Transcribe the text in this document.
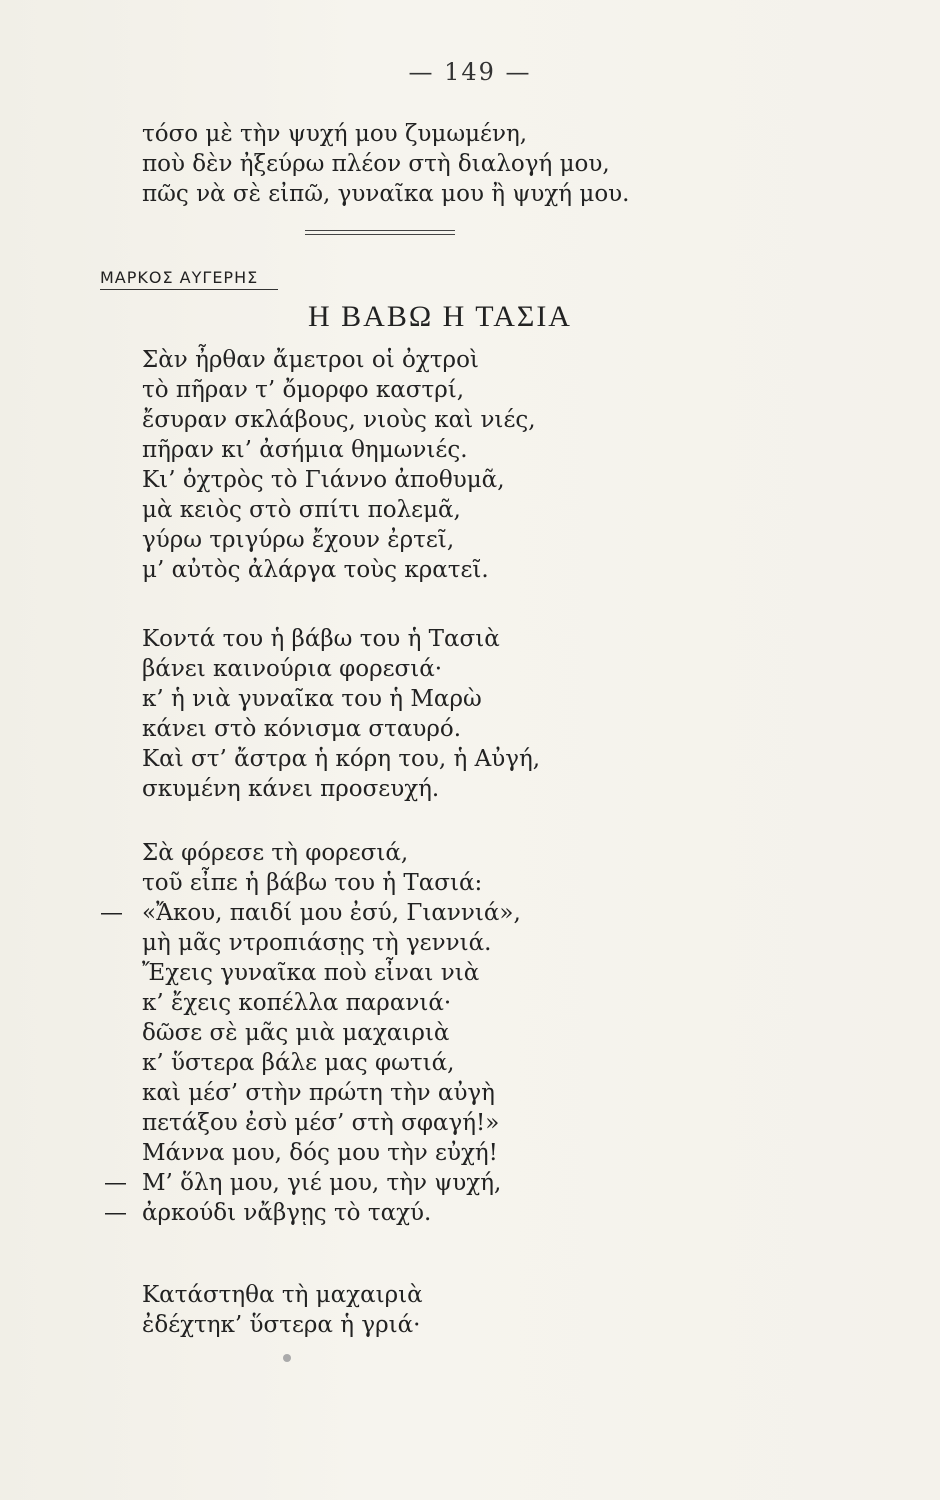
— 149 —
τόσο μὲ τὴν ψυχή μου ζυμωμένη,
ποὺ δὲν ἠξεύρω πλέον στὴ διαλογή μου,
πῶς νὰ σὲ εἰπῶ, γυναῖκα μου ἢ ψυχή μου.
ΜΑΡΚΟΣ ΑΥΓΕΡΗΣ
Η ΒΑΒΩ Η ΤΑΣΙΑ
Σὰν ἦρθαν ἄμετροι οἱ ὀχτροὶ
τὸ πῆραν τ’ ὄμορφο καστρί,
ἔσυραν σκλάβους, νιοὺς καὶ νιές,
πῆραν κι’ ἀσήμια θημωνιές.
Κι’ ὀχτρὸς τὸ Γιάννο ἀποθυμᾶ,
μὰ κειὸς στὸ σπίτι πολεμᾶ,
γύρω τριγύρω ἔχουν ἐρτεῖ,
μ’ αὐτὸς ἀλάργα τοὺς κρατεῖ.
Κοντά του ἡ βάβω του ἡ Τασιὰ
βάνει καινούρια φορεσιά·
κ’ ἡ νιὰ γυναῖκα του ἡ Μαρὼ
κάνει στὸ κόνισμα σταυρό.
Καὶ στ’ ἄστρα ἡ κόρη του, ἡ Αὐγή,
σκυμένη κάνει προσευχή.
Σὰ φόρεσε τὴ φορεσιά,
τοῦ εἶπε ἡ βάβω του ἡ Τασιά:
«Ἄκου, παιδί μου ἐσύ, Γιαννιά»,
μὴ μᾶς ντροπιάσῃς τὴ γεννιά.
Ἔχεις γυναῖκα ποὺ εἶναι νιὰ
κ’ ἔχεις κοπέλλα παρανιά·
δῶσε σὲ μᾶς μιὰ μαχαιριὰ
κ’ ὕστερα βάλε μας φωτιά,
καὶ μέσ’ στὴν πρώτη τὴν αὐγὴ
πετάξου ἐσὺ μέσ’ στὴ σφαγή!»
Μάννα μου, δός μου τὴν εὐχή!
Μ’ ὅλη μου, γιέ μου, τὴν ψυχή,
ἀρκούδι νἄβγῃς τὸ ταχύ.
—
—
—
Κατάστηθα τὴ μαχαιριὰ
ἐδέχτηκ’ ὕστερα ἡ γριά·
